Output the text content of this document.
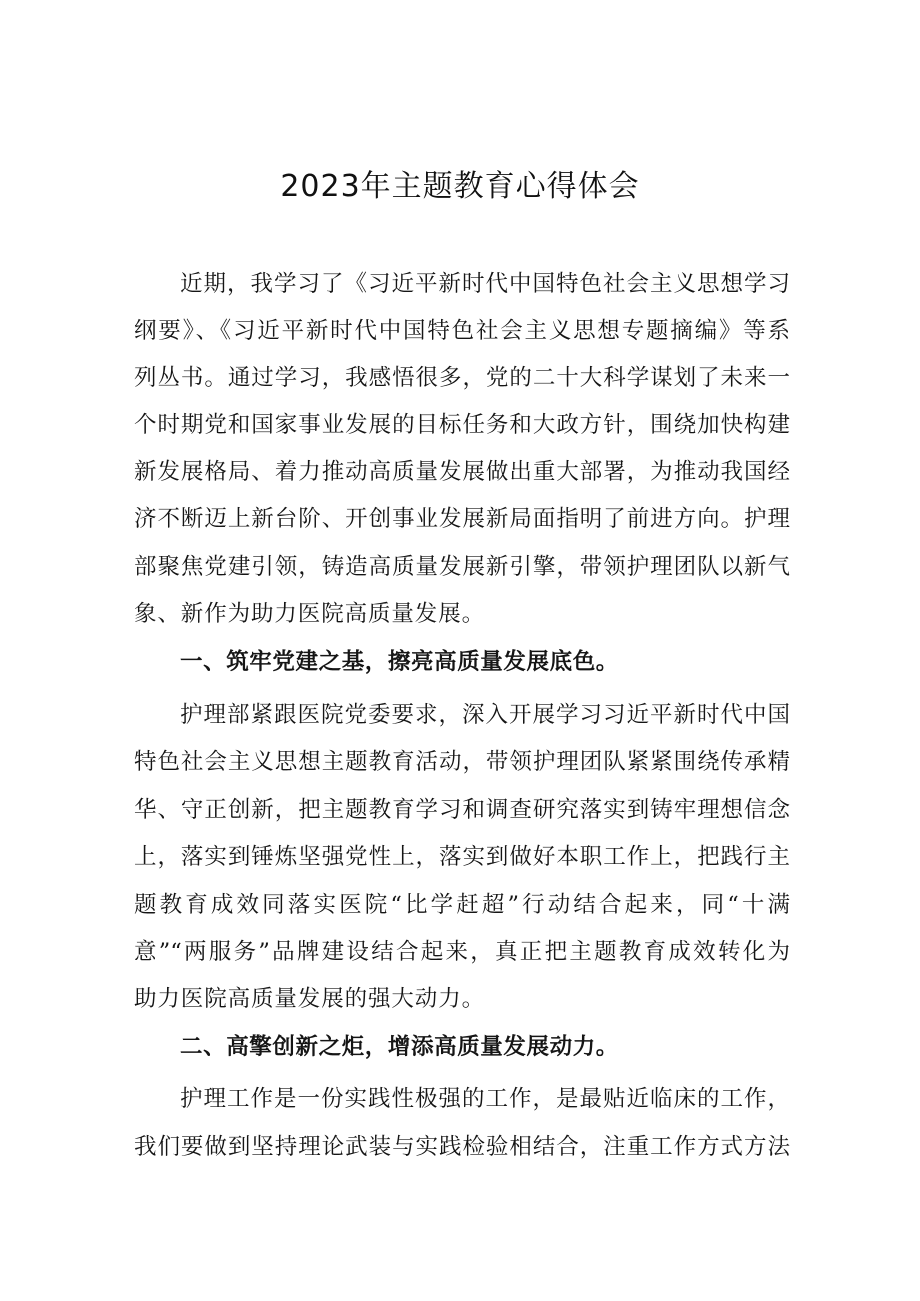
2023年主题教育心得体会
近期，我学习了《习近平新时代中国特色社会主义思想学习
纲要》、《习近平新时代中国特色社会主义思想专题摘编》等系
列丛书。通过学习，我感悟很多，党的二十大科学谋划了未来一
个时期党和国家事业发展的目标任务和大政方针，围绕加快构建
新发展格局、着力推动高质量发展做出重大部署，为推动我国经
济不断迈上新台阶、开创事业发展新局面指明了前进方向。护理
部聚焦党建引领，铸造高质量发展新引擎，带领护理团队以新气
象、新作为助力医院高质量发展。
一、筑牢党建之基，擦亮高质量发展底色。
护理部紧跟医院党委要求，深入开展学习习近平新时代中国
特色社会主义思想主题教育活动，带领护理团队紧紧围绕传承精
华、守正创新，把主题教育学习和调查研究落实到铸牢理想信念
上，落实到锤炼坚强党性上，落实到做好本职工作上，把践行主
题教育成效同落实医院“比学赶超”行动结合起来，同“十满
意”“两服务”品牌建设结合起来，真正把主题教育成效转化为
助力医院高质量发展的强大动力。
二、高擎创新之炬，增添高质量发展动力。
护理工作是一份实践性极强的工作，是最贴近临床的工作，
我们要做到坚持理论武装与实践检验相结合，注重工作方式方法
